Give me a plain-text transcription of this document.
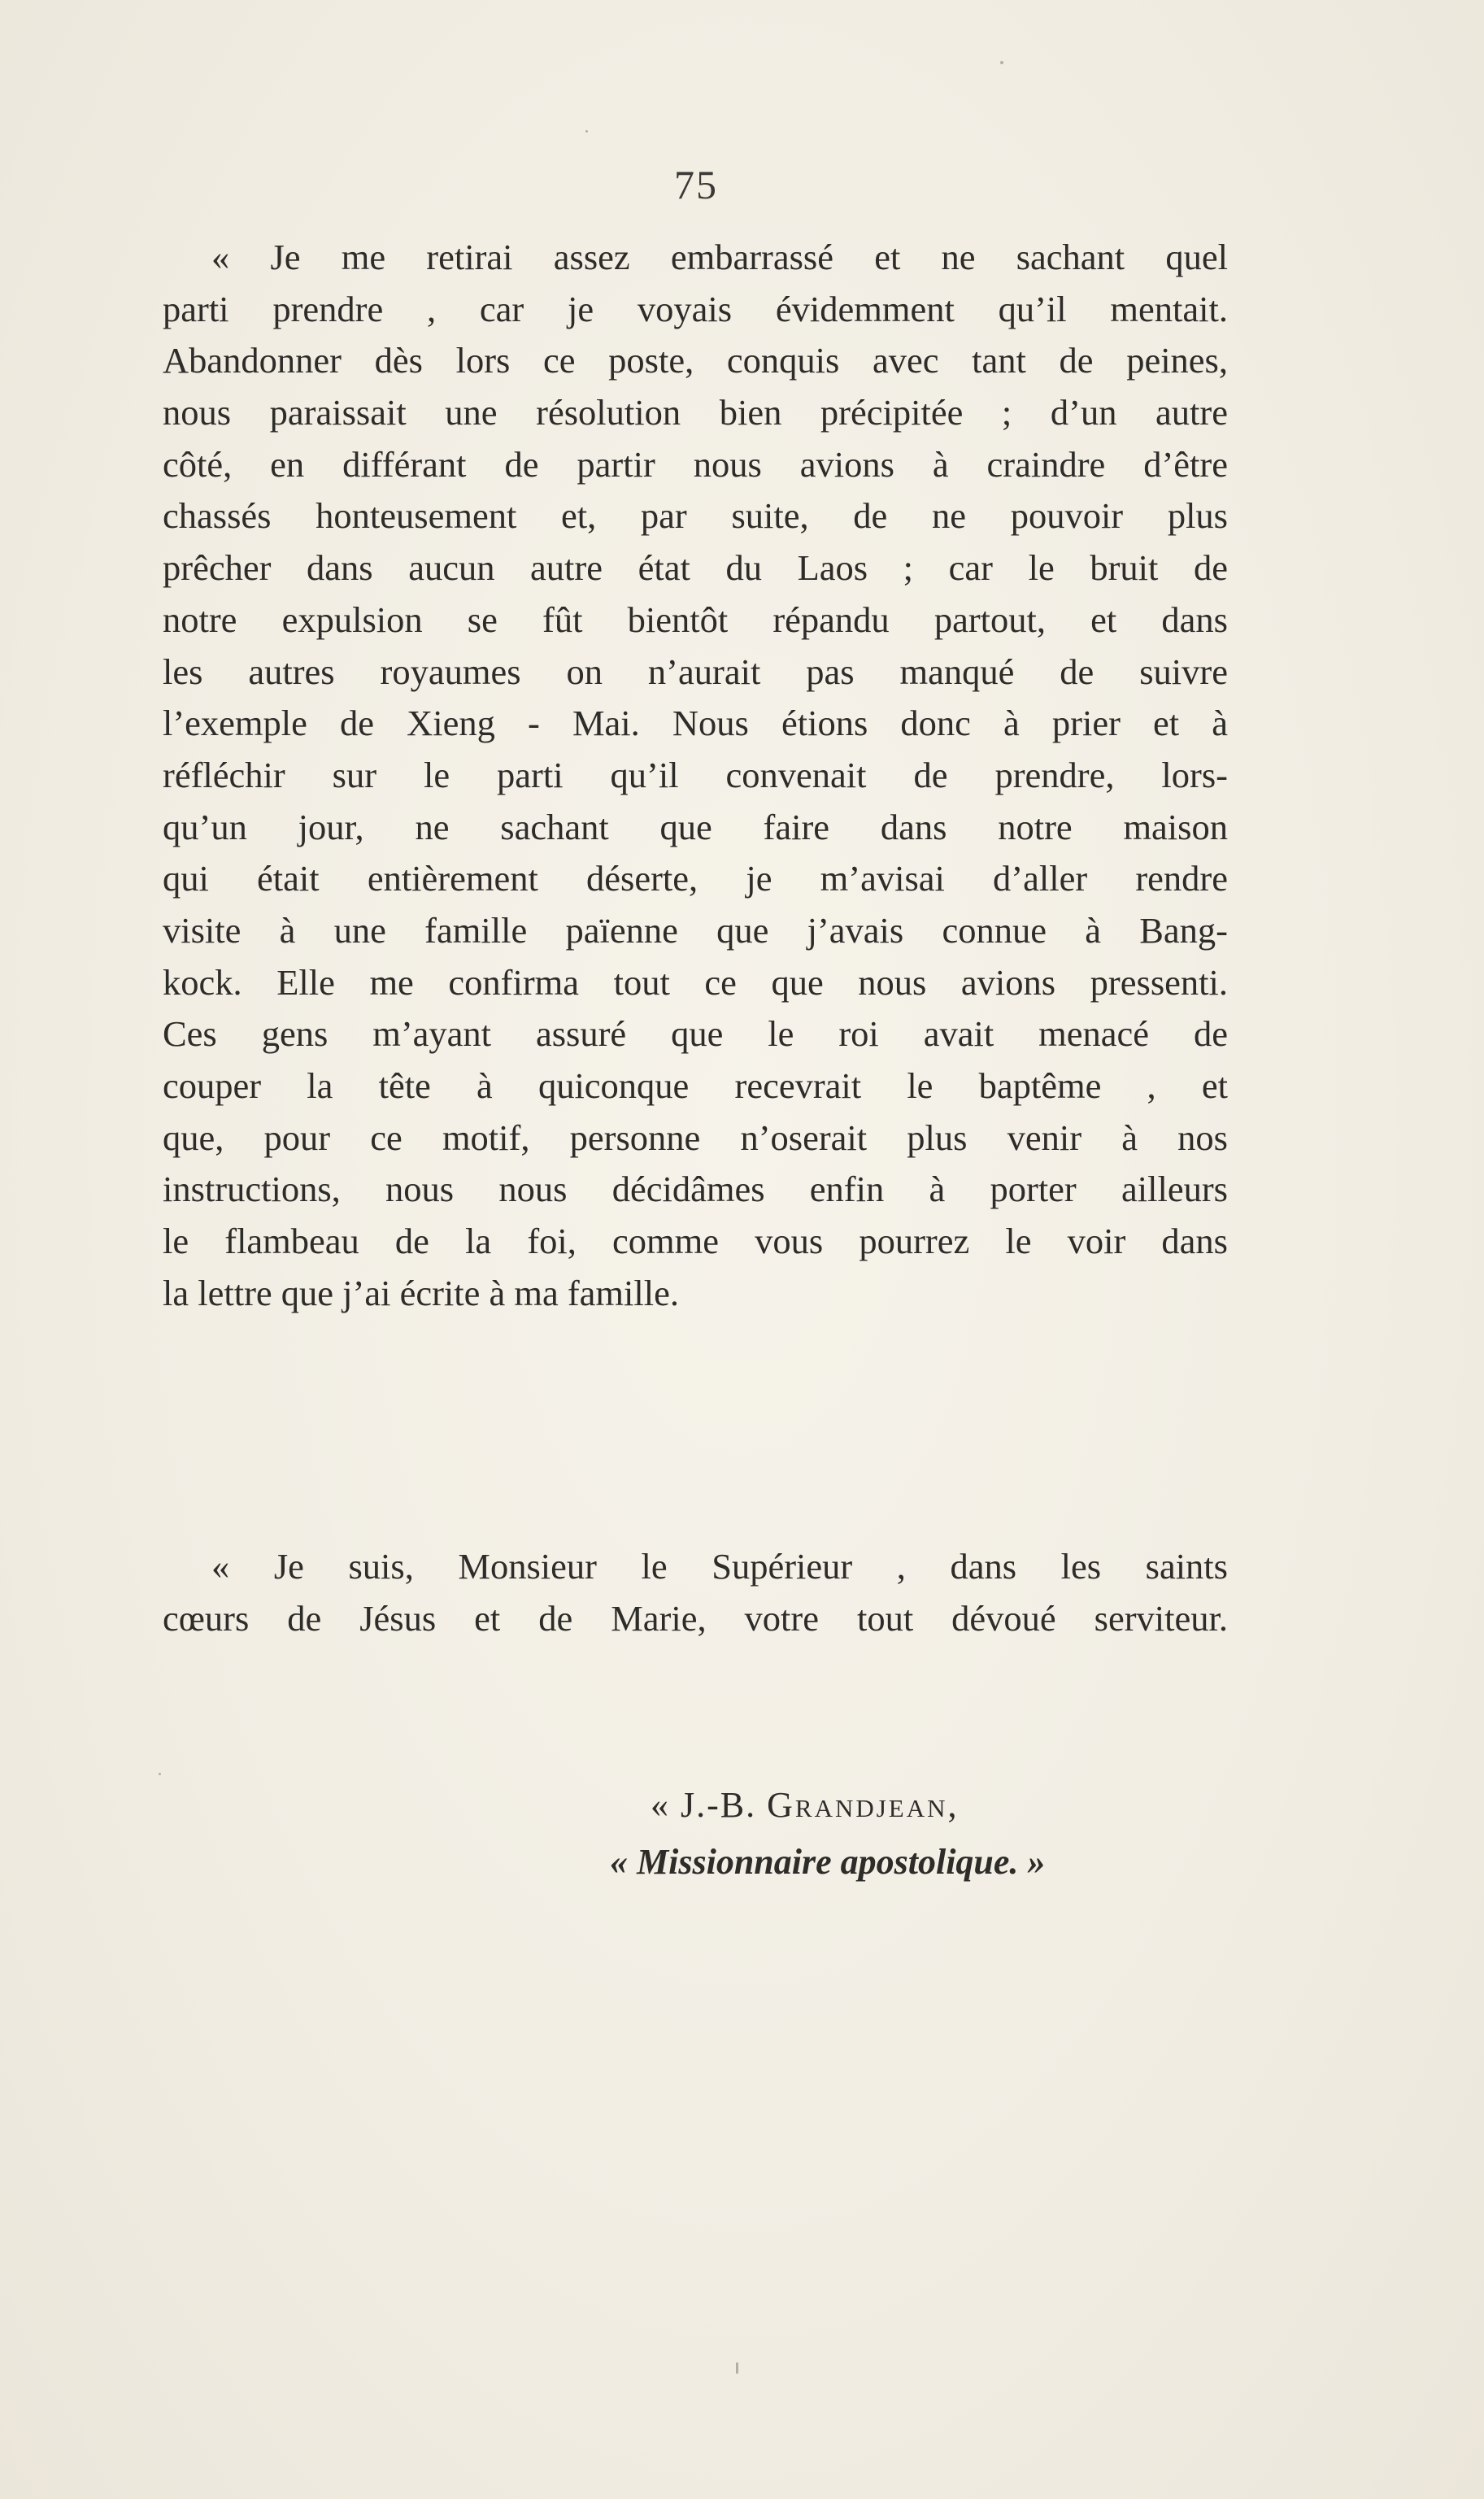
75
« Je me retirai assez embarrassé et ne sachant quel
parti prendre , car je voyais évidemment qu’il mentait.
Abandonner dès lors ce poste, conquis avec tant de peines,
nous paraissait une résolution bien précipitée ; d’un autre
côté, en différant de partir nous avions à craindre d’être
chassés honteusement et, par suite, de ne pouvoir plus
prêcher dans aucun autre état du Laos ; car le bruit de
notre expulsion se fût bientôt répandu partout, et dans
les autres royaumes on n’aurait pas manqué de suivre
l’exemple de Xieng - Mai. Nous étions donc à prier et à
réfléchir sur le parti qu’il convenait de prendre, lors-
qu’un jour, ne sachant que faire dans notre maison
qui était entièrement déserte, je m’avisai d’aller rendre
visite à une famille païenne que j’avais connue à Bang-
kock. Elle me confirma tout ce que nous avions pressenti.
Ces gens m’ayant assuré que le roi avait menacé de
couper la tête à quiconque recevrait le baptême , et
que, pour ce motif, personne n’oserait plus venir à nos
instructions, nous nous décidâmes enfin à porter ailleurs
le flambeau de la foi, comme vous pourrez le voir dans
la lettre que j’ai écrite à ma famille.
« Je suis, Monsieur le Supérieur , dans les saints
cœurs de Jésus et de Marie, votre tout dévoué serviteur.
« J.-B. Grandjean,
« Missionnaire apostolique. »
